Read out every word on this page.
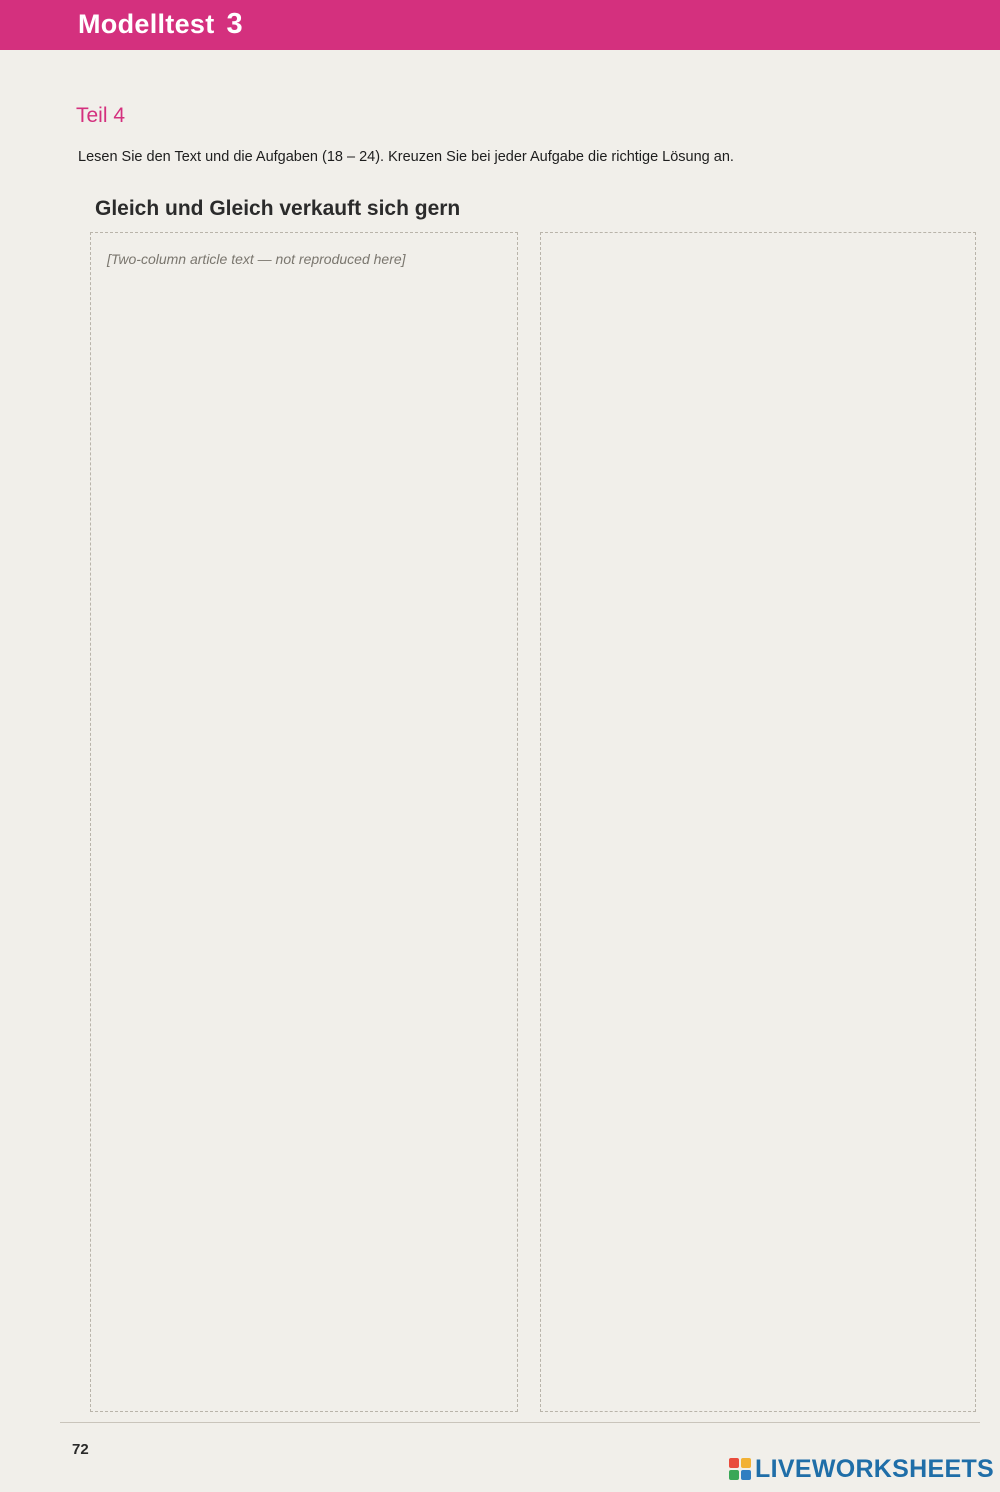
Modelltest 3
Teil 4
Lesen Sie den Text und die Aufgaben (18 – 24). Kreuzen Sie bei jeder Aufgabe die richtige Lösung an.
Gleich und Gleich verkauft sich gern
[Two-column article text — not reproduced here]
72
LIVEWORKSHEETS
